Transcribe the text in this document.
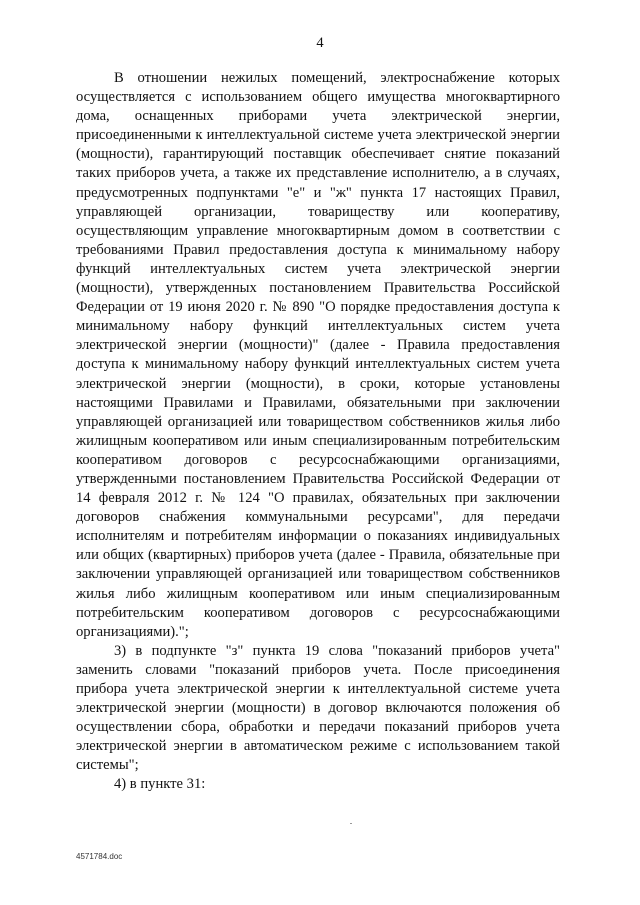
4

В отношении нежилых помещений, электроснабжение которых осуществляется с использованием общего имущества многоквартирного дома, оснащенных приборами учета электрической энергии, присоединенными к интеллектуальной системе учета электрической энергии (мощности), гарантирующий поставщик обеспечивает снятие показаний таких приборов учета, а также их представление исполнителю, а в случаях, предусмотренных подпунктами "е" и "ж" пункта 17 настоящих Правил, управляющей организации, товариществу или кооперативу, осуществляющим управление многоквартирным домом в соответствии с требованиями Правил предоставления доступа к минимальному набору функций интеллектуальных систем учета электрической энергии (мощности), утвержденных постановлением Правительства Российской Федерации от 19 июня 2020 г. № 890 "О порядке предоставления доступа к минимальному набору функций интеллектуальных систем учета электрической энергии (мощности)" (далее - Правила предоставления доступа к минимальному набору функций интеллектуальных систем учета электрической энергии (мощности), в сроки, которые установлены настоящими Правилами и Правилами, обязательными при заключении управляющей организацией или товариществом собственников жилья либо жилищным кооперативом или иным специализированным потребительским кооперативом договоров с ресурсоснабжающими организациями, утвержденными постановлением Правительства Российской Федерации от 14 февраля 2012 г. № 124 "О правилах, обязательных при заключении договоров снабжения коммунальными ресурсами", для передачи исполнителям и потребителям информации о показаниях индивидуальных или общих (квартирных) приборов учета (далее - Правила, обязательные при заключении управляющей организацией или товариществом собственников жилья либо жилищным кооперативом или иным специализированным потребительским кооперативом договоров с ресурсоснабжающими организациями).";

3) в подпункте "з" пункта 19 слова "показаний приборов учета" заменить словами "показаний приборов учета. После присоединения прибора учета электрической энергии к интеллектуальной системе учета электрической энергии (мощности) в договор включаются положения об осуществлении сбора, обработки и передачи показаний приборов учета электрической энергии в автоматическом режиме с использованием такой системы";

4) в пункте 31:

4571784.doc
